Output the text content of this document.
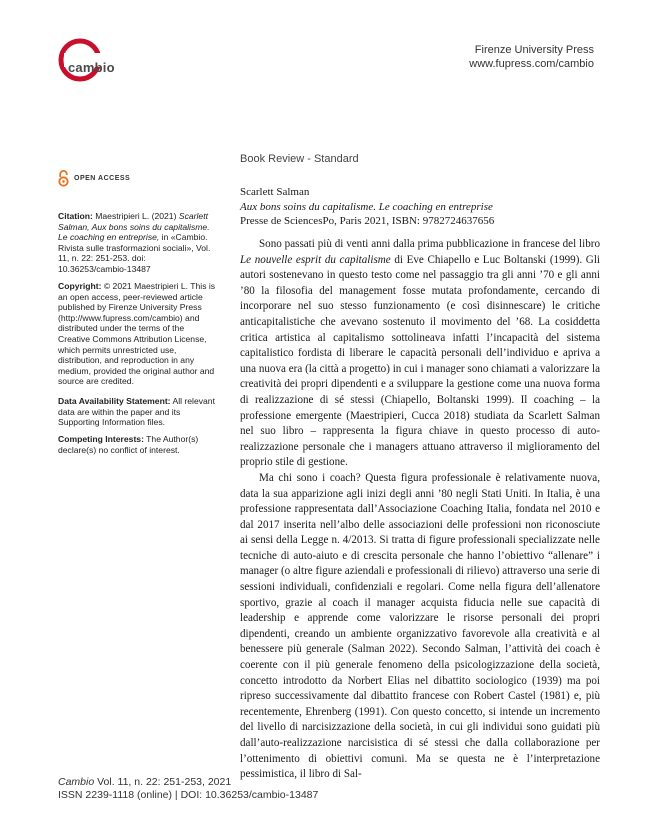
cambio
Firenze University Press
www.fupress.com/cambio
Book Review - Standard
OPEN ACCESS
Citation: Maestripieri L. (2021) Scarlett Salman, Aux bons soins du capitalisme. Le coaching en entreprise, in «Cambio. Rivista sulle trasformazioni sociali», Vol. 11, n. 22: 251-253. doi: 10.36253/cambio-13487
Copyright: © 2021 Maestripieri L. This is an open access, peer-reviewed article published by Firenze University Press (http://www.fupress.com/cambio) and distributed under the terms of the Creative Commons Attribution License, which permits unrestricted use, distribution, and reproduction in any medium, provided the original author and source are credited.
Data Availability Statement: All relevant data are within the paper and its Supporting Information files.
Competing Interests: The Author(s) declare(s) no conflict of interest.
Scarlett Salman
Aux bons soins du capitalisme. Le coaching en entreprise
Presse de SciencesPo, Paris 2021, ISBN: 9782724637656

Sono passati più di venti anni dalla prima pubblicazione in francese del libro Le nouvelle esprit du capitalisme di Eve Chiapello e Luc Boltanski (1999). Gli autori sostenevano in questo testo come nel passaggio tra gli anni ’70 e gli anni ’80 la filosofia del management fosse mutata profondamente, cercando di incorporare nel suo stesso funzionamento (e così disinnescare) le critiche anticapitalistiche che avevano sostenuto il movimento del ’68. La cosiddetta critica artistica al capitalismo sottolineava infatti l’incapacità del sistema capitalistico fordista di liberare le capacità personali dell’individuo e apriva a una nuova era (la città a progetto) in cui i manager sono chiamati a valorizzare la creatività dei propri dipendenti e a sviluppare la gestione come una nuova forma di realizzazione di sé stessi (Chiapello, Boltanski 1999). Il coaching – la professione emergente (Maestripieri, Cucca 2018) studiata da Scarlett Salman nel suo libro – rappresenta la figura chiave in questo processo di auto-realizzazione personale che i managers attuano attraverso il miglioramento del proprio stile di gestione.

Ma chi sono i coach? Questa figura professionale è relativamente nuova, data la sua apparizione agli inizi degli anni ’80 negli Stati Uniti. In Italia, è una professione rappresentata dall’Associazione Coaching Italia, fondata nel 2010 e dal 2017 inserita nell’albo delle associazioni delle professioni non riconosciute ai sensi della Legge n. 4/2013. Si tratta di figure professionali specializzate nelle tecniche di auto-aiuto e di crescita personale che hanno l’obiettivo “allenare” i manager (o altre figure aziendali e professionali di rilievo) attraverso una serie di sessioni individuali, confidenziali e regolari. Come nella figura dell’allenatore sportivo, grazie al coach il manager acquista fiducia nelle sue capacità di leadership e apprende come valorizzare le risorse personali dei propri dipendenti, creando un ambiente organizzativo favorevole alla creatività e al benessere più generale (Salman 2022). Secondo Salman, l’attività dei coach è coerente con il più generale fenomeno della psicologizzazione della società, concetto introdotto da Norbert Elias nel dibattito sociologico (1939) ma poi ripreso successivamente dal dibattito francese con Robert Castel (1981) e, più recentemente, Ehrenberg (1991). Con questo concetto, si intende un incremento del livello di narcisizzazione della società, in cui gli individui sono guidati più dall’auto-realizzazione narcisistica di sé stessi che dalla collaborazione per l’ottenimento di obiettivi comuni. Ma se questa ne è l’interpretazione pessimistica, il libro di Sal-

Cambio Vol. 11, n. 22: 251-253, 2021
ISSN 2239-1118 (online) | DOI: 10.36253/cambio-13487
